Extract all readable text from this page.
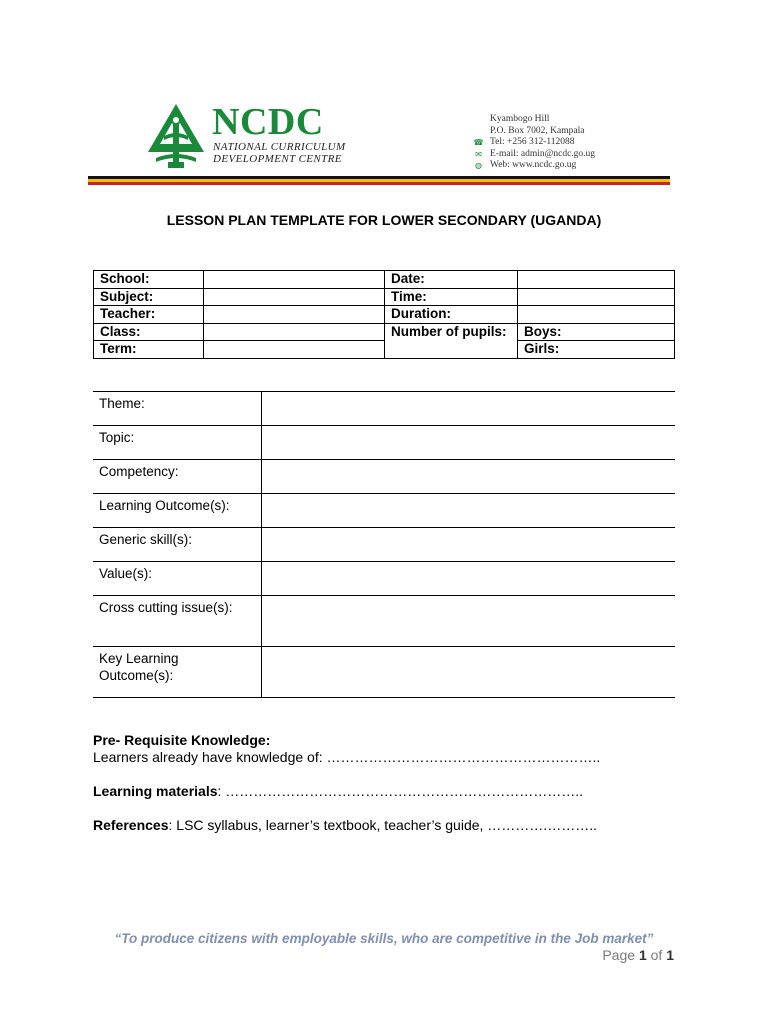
NCDC
NATIONAL CURRICULUM
DEVELOPMENT CENTRE
Kyambogo Hill
P.O. Box 7002, Kampala
☎ Tel: +256 312-112088
✉ E-mail: admin@ncdc.go.ug
◍ Web: www.ncdc.go.ug
LESSON PLAN TEMPLATE FOR LOWER SECONDARY (UGANDA)
School:		Date:	
Subject:		Time:	
Teacher:		Duration:	
Class:		Number of pupils:	Boys:
Term:			Girls:
Theme:	
Topic:	
Competency:	
Learning Outcome(s):	
Generic skill(s):	
Value(s):	
Cross cutting issue(s):	
Key Learning Outcome(s):	
Pre- Requisite Knowledge:
Learners already have knowledge of: …………………………………………………..
Learning materials: …………………………………………………………………..
References: LSC syllabus, learner’s textbook, teacher’s guide, ………….………..
“To produce citizens with employable skills, who are competitive in the Job market”
Page 1 of 1
